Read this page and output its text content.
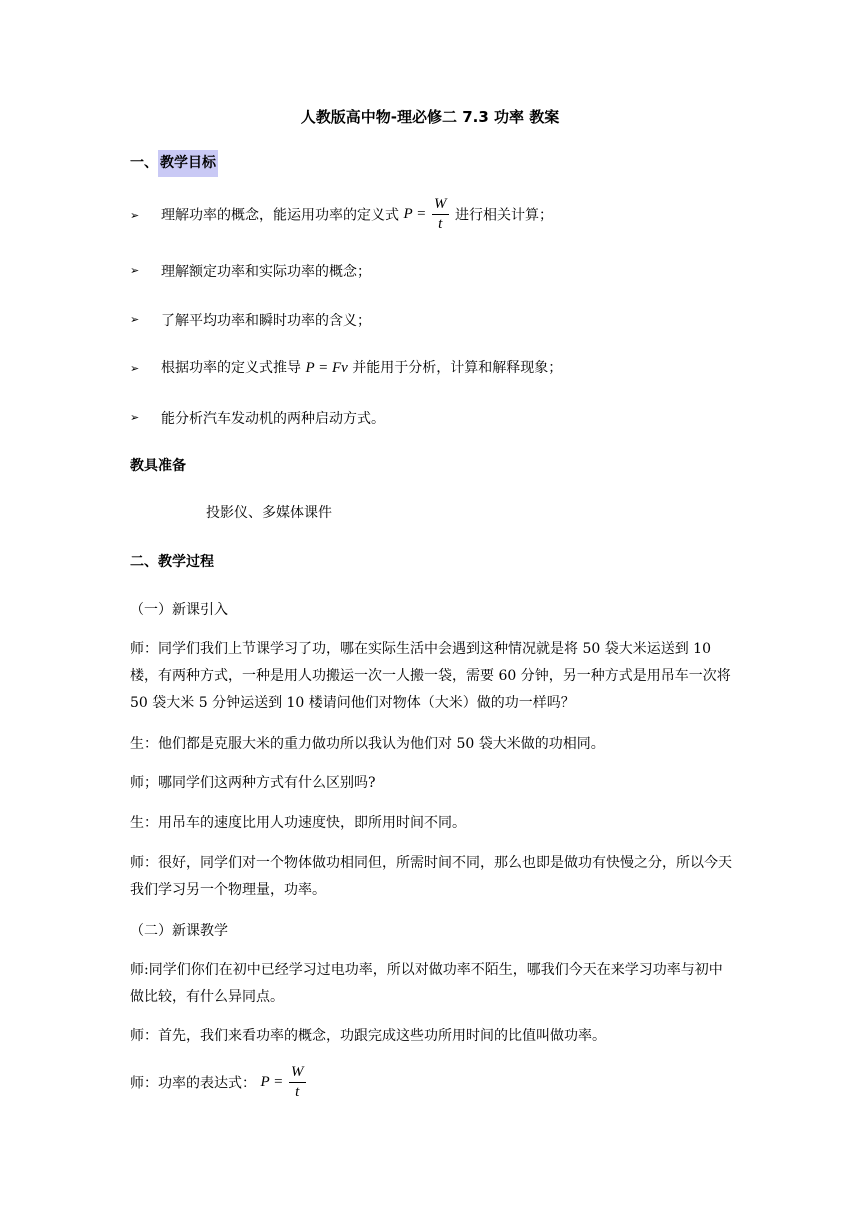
人教版高中物-理必修二 7.3 功率 教案
一、 教学目标
➢ 理解功率的概念，能运用功率的定义式 $P = \frac{W}{t}$ 进行相关计算；
➢ 理解额定功率和实际功率的概念；
➢ 了解平均功率和瞬时功率的含义；
➢ 根据功率的定义式推导 P = Fv 并能用于分析，计算和解释现象；
➢ 能分析汽车发动机的两种启动方式。
教具准备
投影仪、多媒体课件
二、教学过程
（一）新课引入
师：同学们我们上节课学习了功，哪在实际生活中会遇到这种情况就是将 50 袋大米运送到 10 楼，有两种方式，一种是用人功搬运一次一人搬一袋，需要 60 分钟，另一种方式是用吊车一次将 50 袋大米 5 分钟运送到 10 楼请问他们对物体（大米）做的功一样吗？
生：他们都是克服大米的重力做功所以我认为他们对 50 袋大米做的功相同。
师；哪同学们这两种方式有什么区别吗?
生：用吊车的速度比用人功速度快，即所用时间不同。
师：很好，同学们对一个物体做功相同但，所需时间不同，那么也即是做功有快慢之分，所以今天我们学习另一个物理量，功率。
（二）新课教学
师:同学们你们在初中已经学习过电功率，所以对做功率不陌生，哪我们今天在来学习功率与初中做比较，有什么异同点。
师：首先，我们来看功率的概念，功跟完成这些功所用时间的比值叫做功率。
师：功率的表达式： $P = \frac{W}{t}$
